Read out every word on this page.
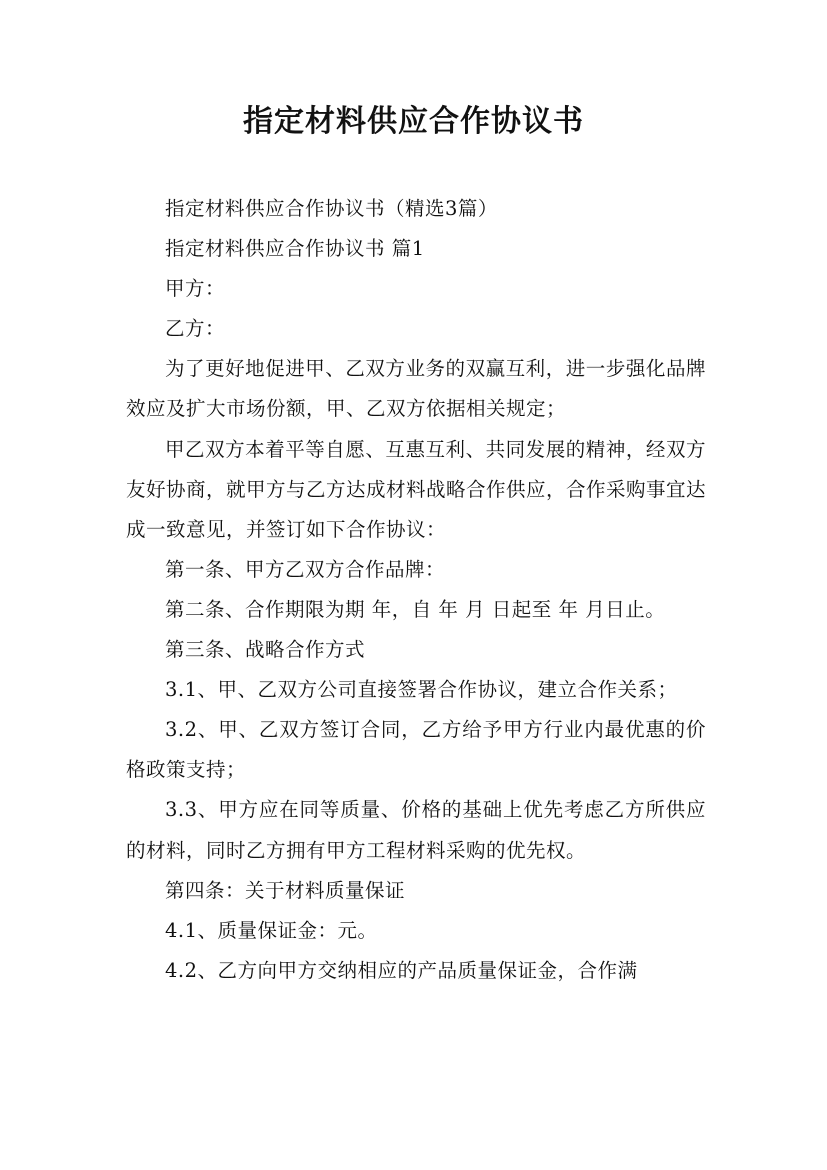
指定材料供应合作协议书

指定材料供应合作协议书（精选3篇）

指定材料供应合作协议书 篇1

甲方：

乙方：

为了更好地促进甲、乙双方业务的双赢互利，进一步强化品牌效应及扩大市场份额，甲、乙双方依据相关规定；

甲乙双方本着平等自愿、互惠互利、共同发展的精神，经双方友好协商，就甲方与乙方达成材料战略合作供应，合作采购事宜达成一致意见，并签订如下合作协议：

第一条、甲方乙双方合作品牌：

第二条、合作期限为期 年，自 年 月 日起至 年 月日止。

第三条、战略合作方式

3.1、甲、乙双方公司直接签署合作协议，建立合作关系；

3.2、甲、乙双方签订合同，乙方给予甲方行业内最优惠的价格政策支持；

3.3、甲方应在同等质量、价格的基础上优先考虑乙方所供应的材料，同时乙方拥有甲方工程材料采购的优先权。

第四条：关于材料质量保证

4.1、质量保证金：元。

4.2、乙方向甲方交纳相应的产品质量保证金，合作满
